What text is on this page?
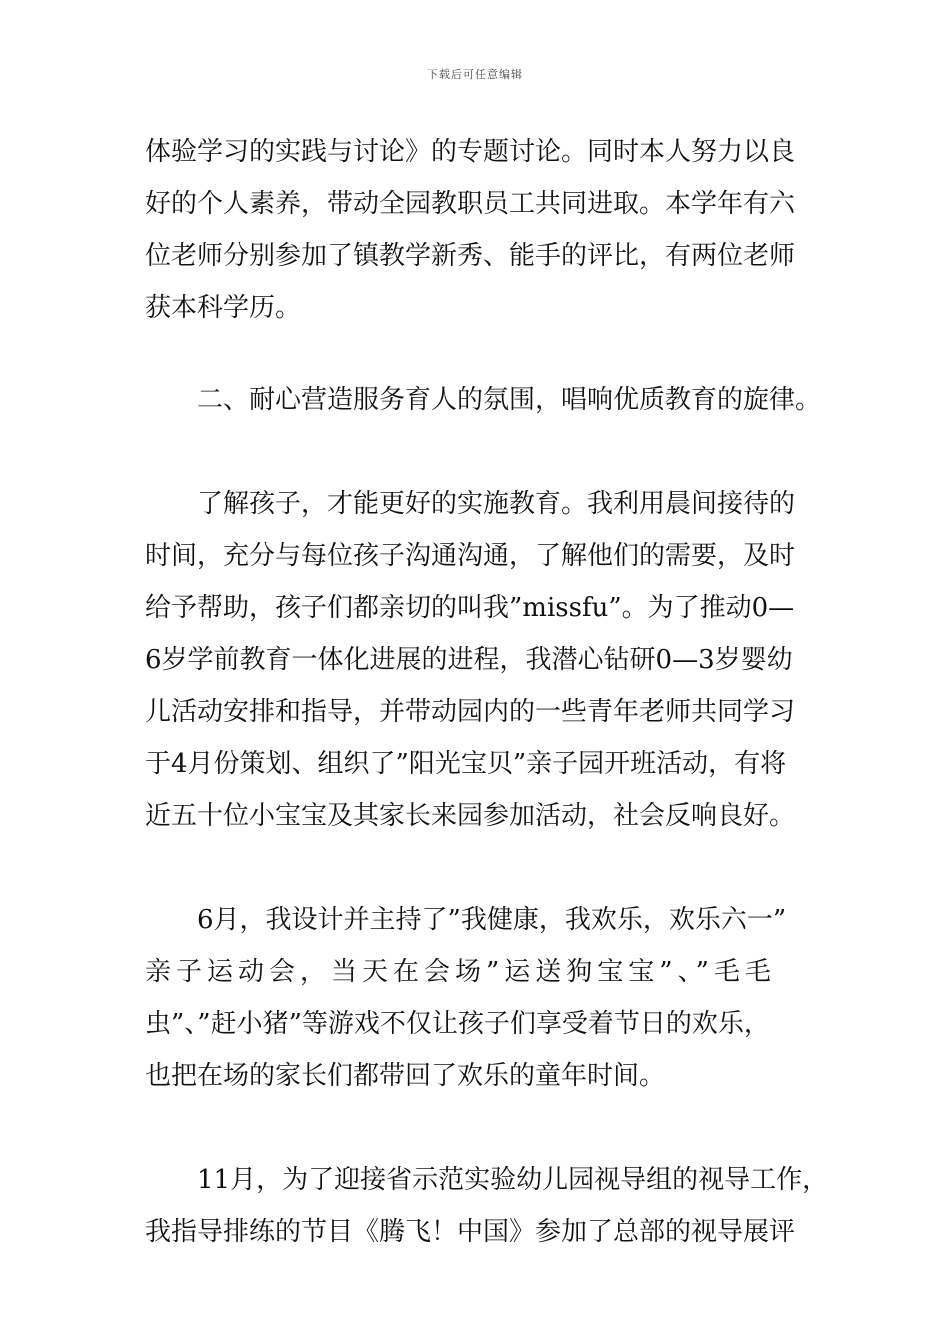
下载后可任意编辑
体验学习的实践与讨论》的专题讨论。同时本人努力以良
好的个人素养，带动全园教职员工共同进取。本学年有六
位老师分别参加了镇教学新秀、能手的评比，有两位老师
获本科学历。
二、耐心营造服务育人的氛围，唱响优质教育的旋律。
了解孩子，才能更好的实施教育。我利用晨间接待的
时间，充分与每位孩子沟通沟通，了解他们的需要，及时
给予帮助，孩子们都亲切的叫我”missfu”。为了推动0—
6岁学前教育一体化进展的进程，我潜心钻研0—3岁婴幼
儿活动安排和指导，并带动园内的一些青年老师共同学习
于4月份策划、组织了”阳光宝贝”亲子园开班活动，有将
近五十位小宝宝及其家长来园参加活动，社会反响良好。
6月，我设计并主持了”我健康，我欢乐，欢乐六一”
亲子运动会，当天在会场”运送狗宝宝”、”毛毛
虫”、”赶小猪”等游戏不仅让孩子们享受着节日的欢乐，
也把在场的家长们都带回了欢乐的童年时间。
11月，为了迎接省示范实验幼儿园视导组的视导工作，
我指导排练的节目《腾飞！中国》参加了总部的视导展评
